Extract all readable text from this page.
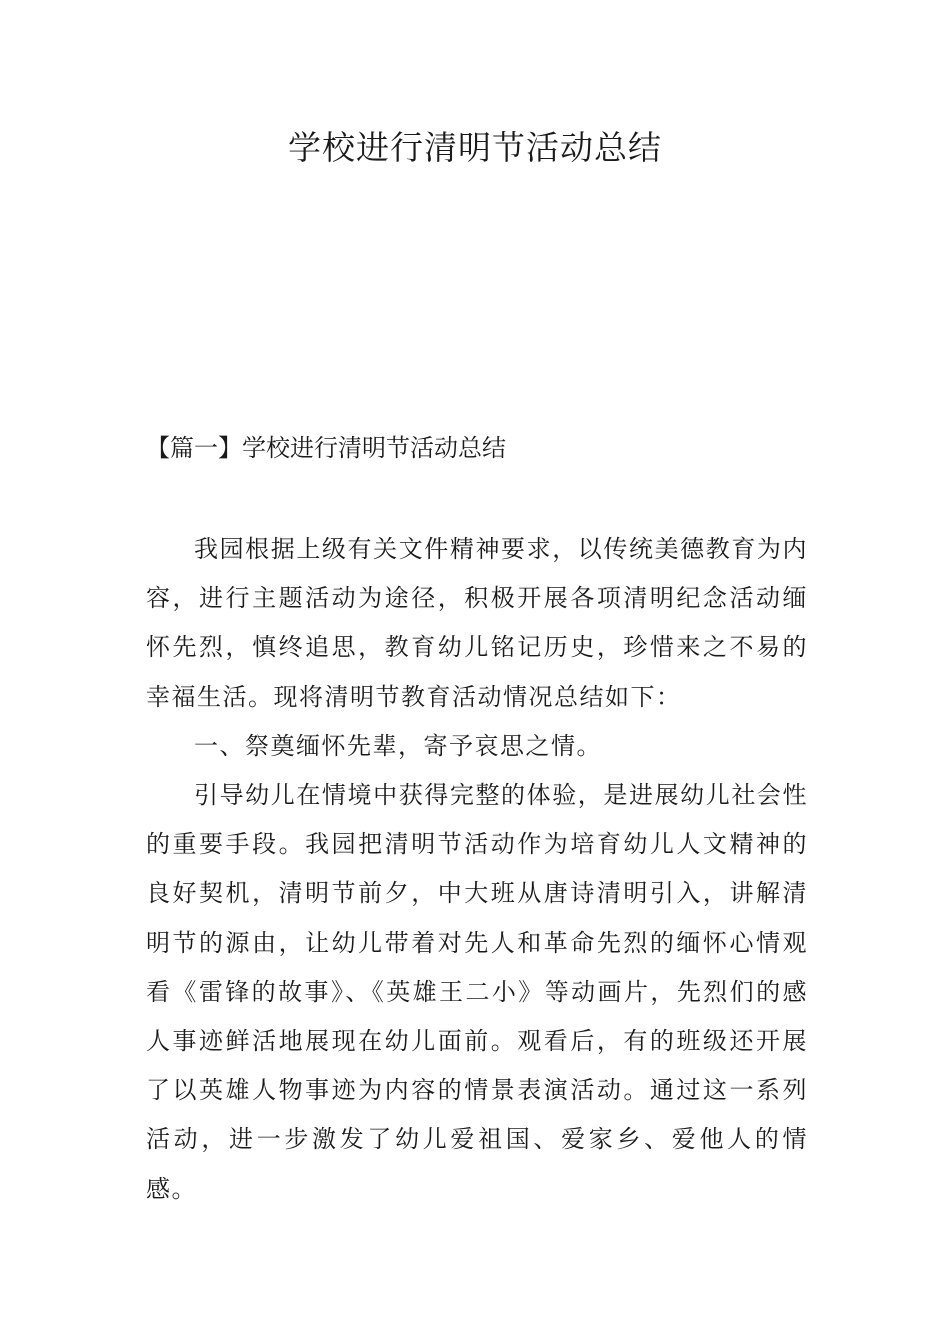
学校进行清明节活动总结
【篇一】学校进行清明节活动总结

我园根据上级有关文件精神要求，以传统美德教育为内容，进行主题活动为途径，积极开展各项清明纪念活动缅怀先烈，慎终追思，教育幼儿铭记历史，珍惜来之不易的幸福生活。现将清明节教育活动情况总结如下：

一、祭奠缅怀先辈，寄予哀思之情。

引导幼儿在情境中获得完整的体验，是进展幼儿社会性的重要手段。我园把清明节活动作为培育幼儿人文精神的良好契机，清明节前夕，中大班从唐诗清明引入，讲解清明节的源由，让幼儿带着对先人和革命先烈的缅怀心情观看《雷锋的故事》、《英雄王二小》等动画片，先烈们的感人事迹鲜活地展现在幼儿面前。观看后，有的班级还开展了以英雄人物事迹为内容的情景表演活动。通过这一系列活动，进一步激发了幼儿爱祖国、爱家乡、爱他人的情感。
